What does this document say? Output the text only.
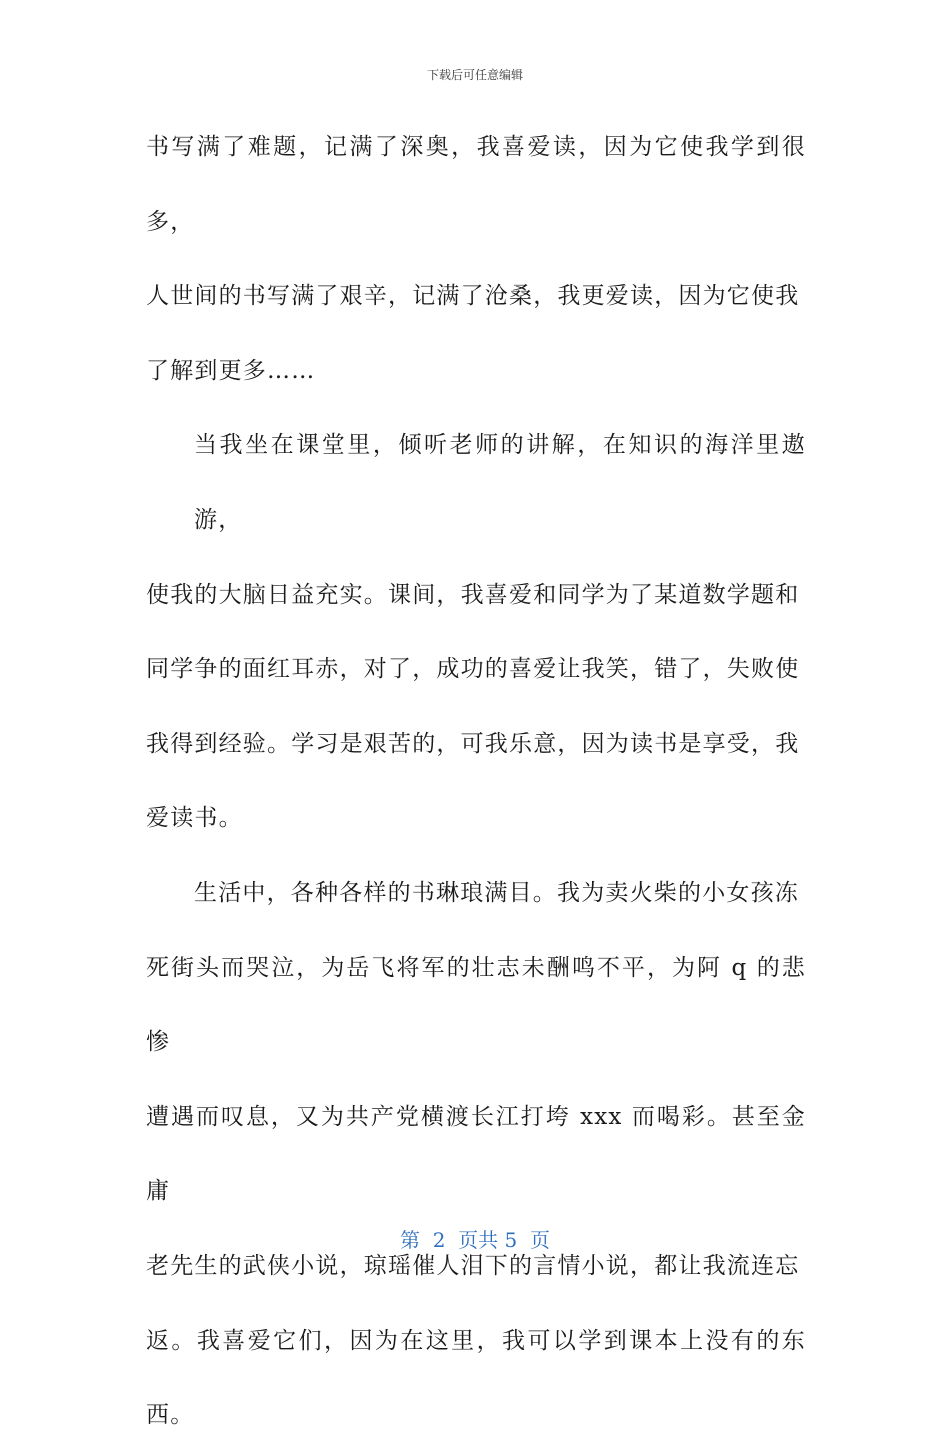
下载后可任意编辑
书写满了难题，记满了深奥，我喜爱读，因为它使我学到很多，
人世间的书写满了艰辛，记满了沧桑，我更爱读，因为它使我
了解到更多……
当我坐在课堂里，倾听老师的讲解，在知识的海洋里遨游，
使我的大脑日益充实。课间，我喜爱和同学为了某道数学题和
同学争的面红耳赤，对了，成功的喜爱让我笑，错了，失败使
我得到经验。学习是艰苦的，可我乐意，因为读书是享受，我
爱读书。
生活中，各种各样的书琳琅满目。我为卖火柴的小女孩冻
死街头而哭泣，为岳飞将军的壮志未酬鸣不平，为阿 q 的悲惨
遭遇而叹息，又为共产党横渡长江打垮 xxx 而喝彩。甚至金庸
老先生的武侠小说，琼瑶催人泪下的言情小说，都让我流连忘
返。我喜爱它们，因为在这里，我可以学到课本上没有的东西。
第  2  页共 5  页
